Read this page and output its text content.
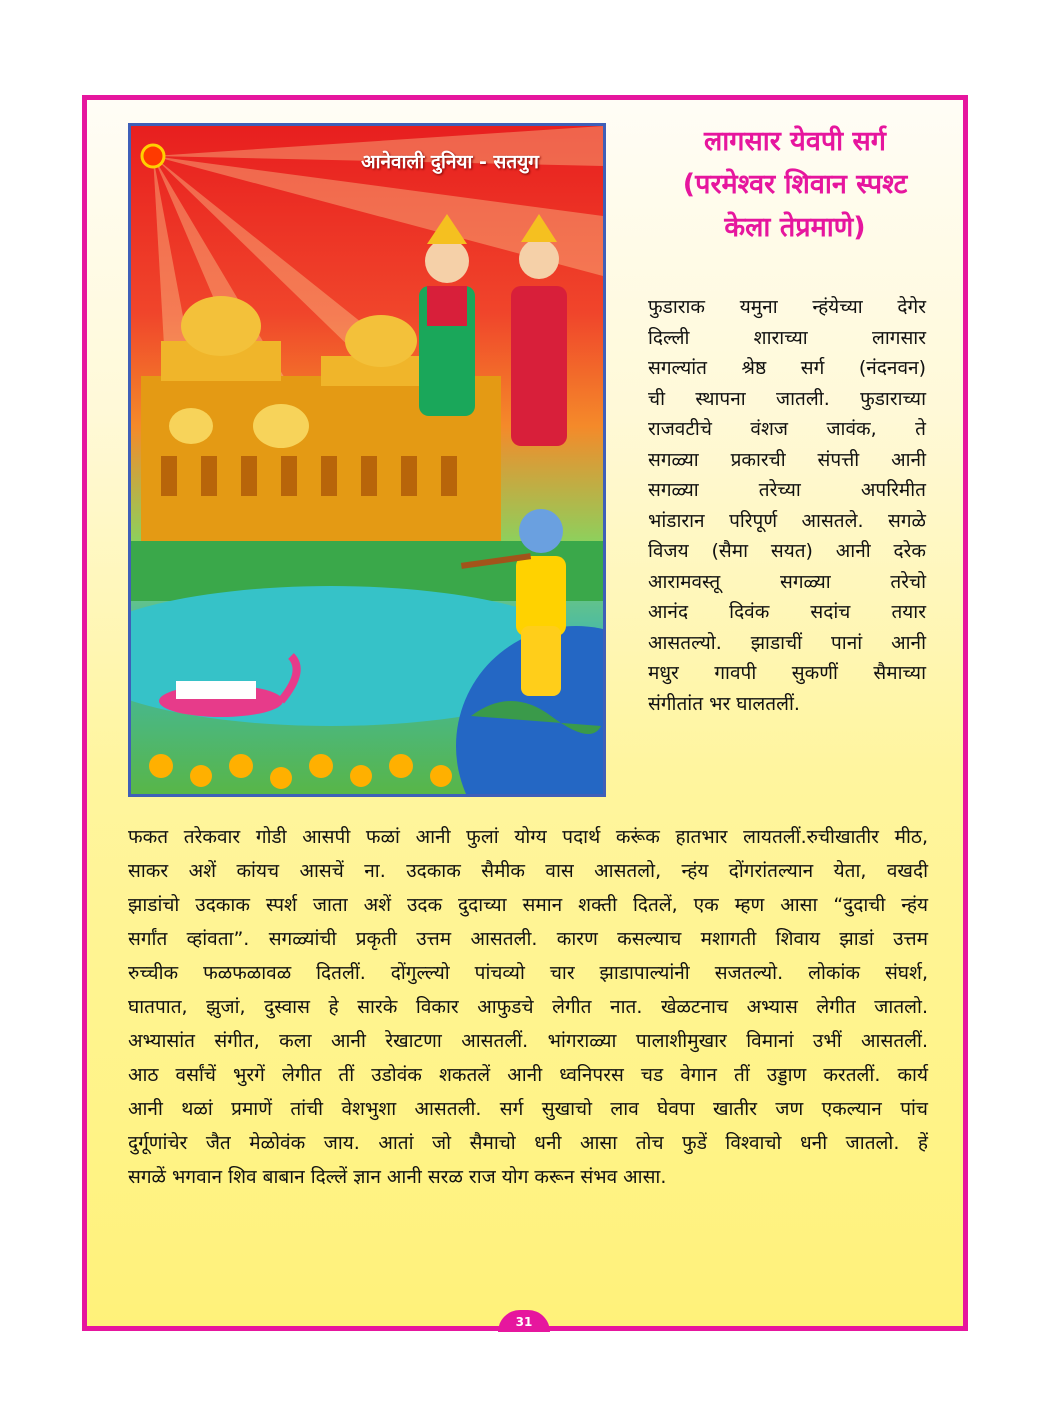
आनेवाली दुनिया - सतयुग
लागसार येवपी सर्ग
(परमेश्वर शिवान स्पश्ट
केला तेप्रमाणे)
फुडाराक यमुना न्हंयेच्या देगेर
दिल्ली शाराच्या लागसार
सगल्यांत श्रेष्ठ सर्ग (नंदनवन)
ची स्थापना जातली. फुडाराच्या
राजवटीचे वंशज जावंक, ते
सगळ्या प्रकारची संपत्ती आनी
सगळ्या तरेच्या अपरिमीत
भांडारान परिपूर्ण आसतले. सगळे
विजय (सैमा सयत) आनी दरेक
आरामवस्तू सगळ्या तरेचो
आनंद दिवंक सदांच तयार
आसतल्यो. झाडाचीं पानां आनी
मधुर गावपी सुकणीं सैमाच्या
संगीतांत भर घालतलीं.
फकत तरेकवार गोडी आसपी फळां आनी फुलां योग्य पदार्थ करूंक हातभार लायतलीं.रुचीखातीर मीठ,
साकर अशें कांयच आसचें ना. उदकाक सैमीक वास आसतलो, न्हंय दोंगरांतल्यान येता, वखदी
झाडांचो उदकाक स्पर्श जाता अशें उदक दुदाच्या समान शक्ती दितलें, एक म्हण आसा “दुदाची न्हंय
सर्गांत व्हांवता”. सगळ्यांची प्रकृती उत्तम आसतली. कारण कसल्याच मशागती शिवाय झाडां उत्तम
रुच्चीक फळफळावळ दितलीं. दोंगुल्ल्यो पांचव्यो चार झाडापाल्यांनी सजतल्यो. लोकांक संघर्श,
घातपात, झुजां, दुस्वास हे सारके विकार आफुडचे लेगीत नात. खेळटनाच अभ्यास लेगीत जातलो.
अभ्यासांत संगीत, कला आनी रेखाटणा आसतलीं. भांगराळ्या पालाशीमुखार विमानां उभीं आसतलीं.
आठ वर्सांचें भुरगें लेगीत तीं उडोवंक शकतलें आनी ध्वनिपरस चड वेगान तीं उड्डाण करतलीं. कार्य
आनी थळां प्रमाणें तांची वेशभुशा आसतली. सर्ग सुखाचो लाव घेवपा खातीर जण एकल्यान पांच
दुर्गूणांचेर जैत मेळोवंक जाय. आतां जो सैमाचो धनी आसा तोच फुडें विश्वाचो धनी जातलो. हें
सगळें भगवान शिव बाबान दिल्लें ज्ञान आनी सरळ राज योग करून संभव आसा.
31
